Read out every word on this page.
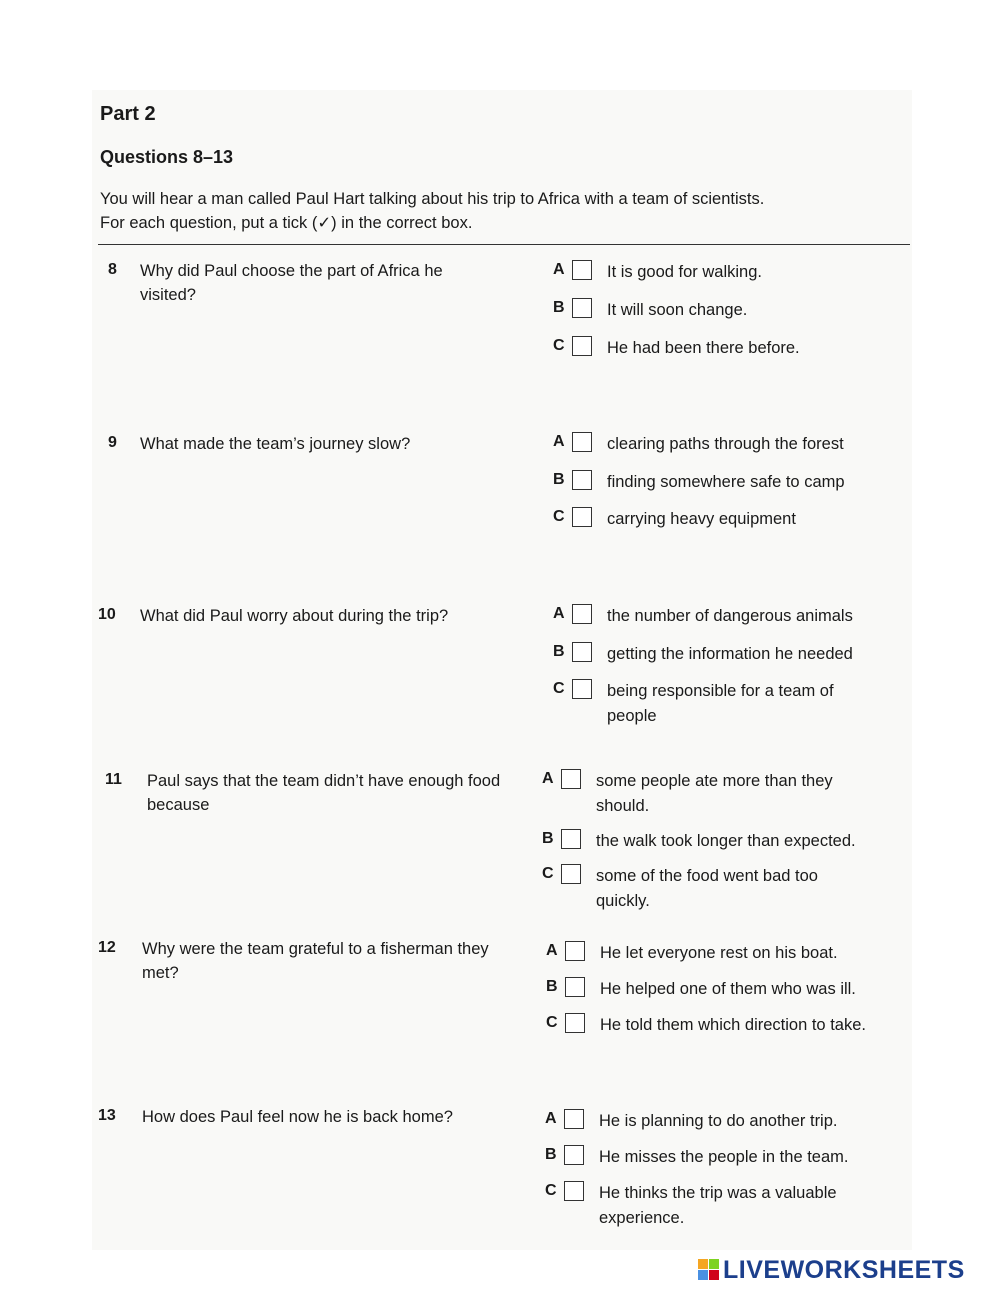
Part 2
Questions 8–13
You will hear a man called Paul Hart talking about his trip to Africa with a team of scientists.
For each question, put a tick (✓) in the correct box.
8 Why did Paul choose the part of Africa he visited?
A	It is good for walking.
B	It will soon change.
C	He had been there before.
9 What made the team’s journey slow?	A	clearing paths through the forest
B	finding somewhere safe to camp
C	carrying heavy equipment
10 What did Paul worry about during the trip?	A	the number of dangerous animals
B	getting the information he needed
C	being responsible for a team of people
11 Paul says that the team didn’t have enough food because
A	some people ate more than they should.
B	the walk took longer than expected.
C	some of the food went bad too quickly.
12 Why were the team grateful to a fisherman they met?
A	He let everyone rest on his boat.
B	He helped one of them who was ill.
C	He told them which direction to take.
13 How does Paul feel now he is back home?	A	He is planning to do another trip.
B	He misses the people in the team.
C	He thinks the trip was a valuable experience.
LIVEWORKSHEETS
